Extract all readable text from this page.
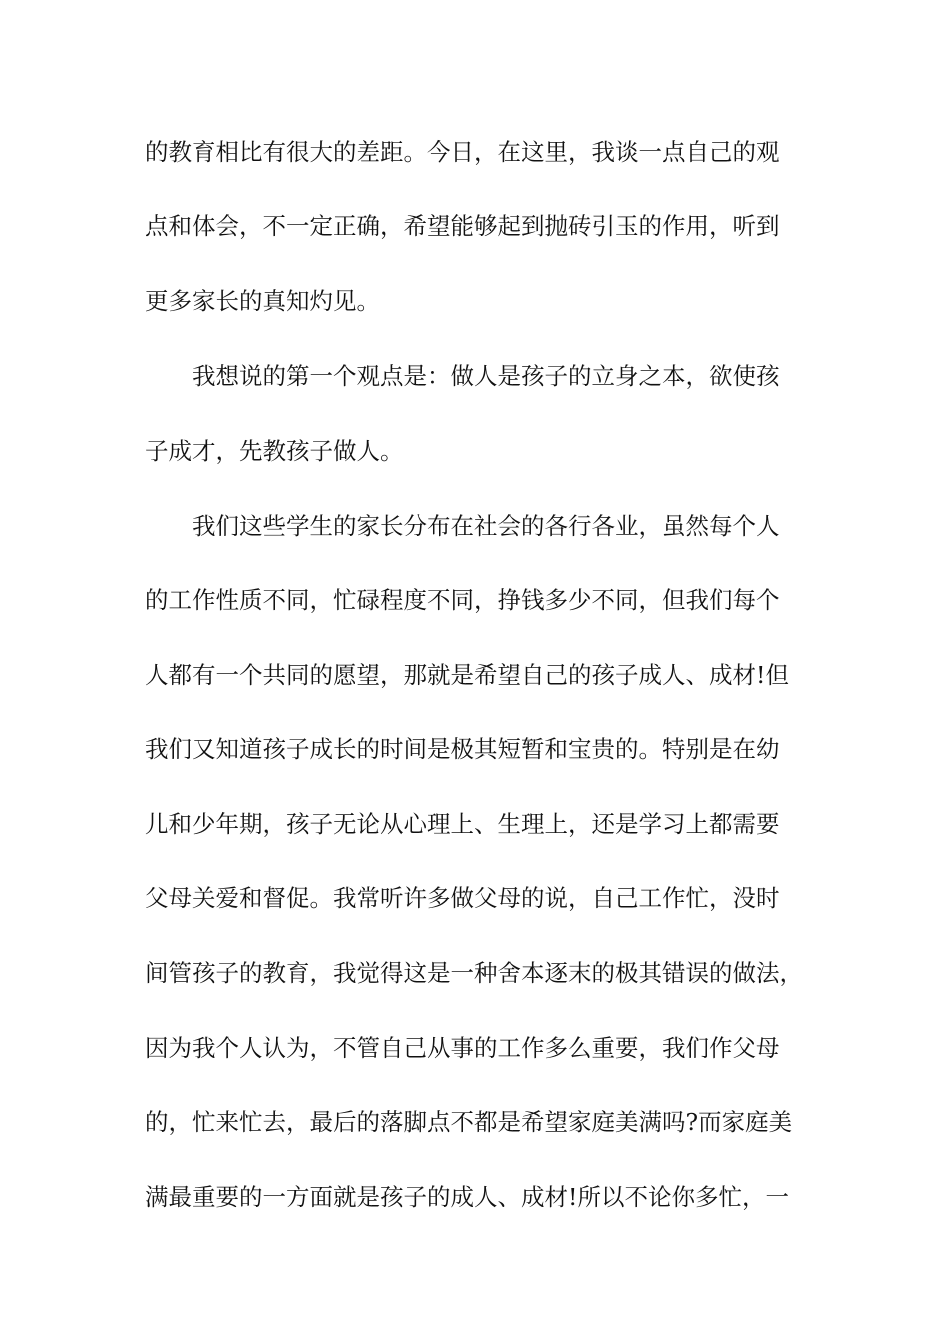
的教育相比有很大的差距。今日，在这里，我谈一点自己的观

点和体会，不一定正确，希望能够起到抛砖引玉的作用，听到

更多家长的真知灼见。

我想说的第一个观点是：做人是孩子的立身之本，欲使孩

子成才，先教孩子做人。

我们这些学生的家长分布在社会的各行各业，虽然每个人

的工作性质不同，忙碌程度不同，挣钱多少不同，但我们每个

人都有一个共同的愿望，那就是希望自己的孩子成人、成材!但

我们又知道孩子成长的时间是极其短暂和宝贵的。特别是在幼

儿和少年期，孩子无论从心理上、生理上，还是学习上都需要

父母关爱和督促。我常听许多做父母的说，自己工作忙，没时

间管孩子的教育，我觉得这是一种舍本逐末的极其错误的做法，

因为我个人认为，不管自己从事的工作多么重要，我们作父母

的，忙来忙去，最后的落脚点不都是希望家庭美满吗?而家庭美

满最重要的一方面就是孩子的成人、成材!所以不论你多忙，一
